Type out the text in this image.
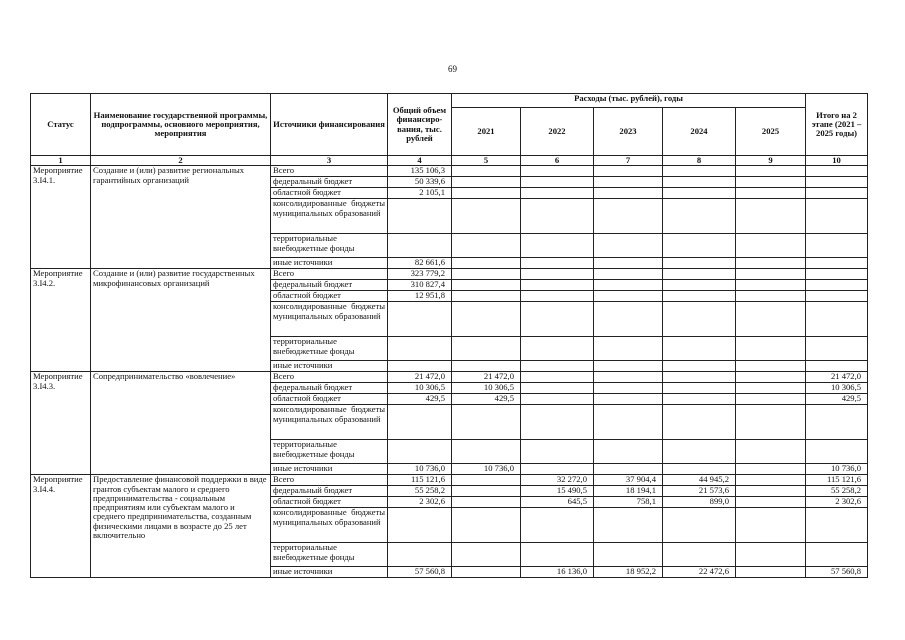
69
Статус	Наименование государственной программы, подпрограммы, основного мероприятия, мероприятия	Источники финансирования	Общий объем финансиро-вания, тыс. рублей	Расходы (тыс. рублей), годы					Итого на 2 этапе (2021 – 2025 годы)
				2021	2022	2023	2024	2025	
1	2	3	4	5	6	7	8	9	10
Мероприятие 3.I4.1.	Создание и (или) развитие региональных гарантийных организаций	Всего	135 106,3						
		федеральный бюджет	50 339,6						
		областной бюджет	2 105,1						
		консолидированные бюджеты муниципальных образований							
		территориальные внебюджетные фонды							
		иные источники	82 661,6						
Мероприятие 3.I4.2.	Создание и (или) развитие государственных микрофинансовых организаций	Всего	323 779,2						
		федеральный бюджет	310 827,4						
		областной бюджет	12 951,8						
		консолидированные бюджеты муниципальных образований							
		территориальные внебюджетные фонды							
		иные источники							
Мероприятие 3.I4.3.	Сопредпринимательство «вовлечение»	Всего	21 472,0	21 472,0					21 472,0
		федеральный бюджет	10 306,5	10 306,5					10 306,5
		областной бюджет	429,5	429,5					429,5
		консолидированные бюджеты муниципальных образований							
		территориальные внебюджетные фонды							
		иные источники	10 736,0	10 736,0					10 736,0
Мероприятие 3.I4.4.	Предоставление финансовой поддержки в виде грантов субъектам малого и среднего предпринимательства - социальным предприятиям или субъектам малого и среднего предпринимательства, созданным физическими лицами в возрасте до 25 лет включительно	Всего	115 121,6		32 272,0	37 904,4	44 945,2		115 121,6
		федеральный бюджет	55 258,2		15 490,5	18 194,1	21 573,6		55 258,2
		областной бюджет	2 302,6		645,5	758,1	899,0		2 302,6
		консолидированные бюджеты муниципальных образований							
		территориальные внебюджетные фонды							
		иные источники	57 560,8		16 136,0	18 952,2	22 472,6		57 560,8
